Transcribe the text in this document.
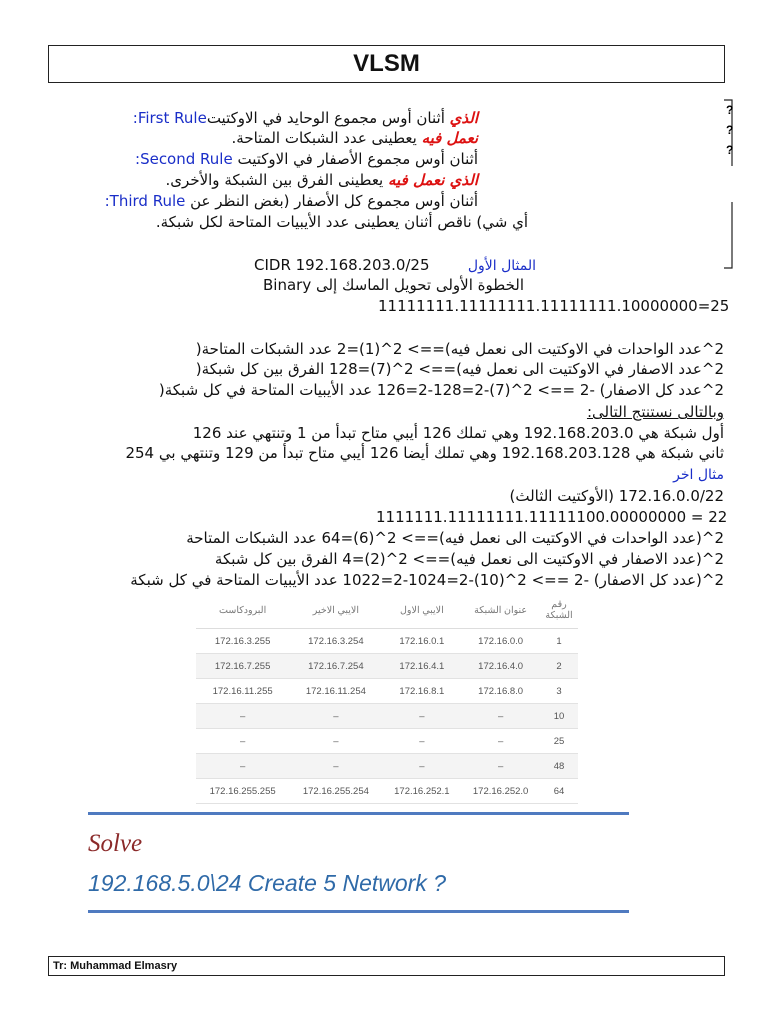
VLSM
?
?
?
الذي أثنان أوس مجموع الوحايد في الاوكتيتFirst Rule:
نعمل فيه يعطينى عدد الشبكات المتاحة.
أثنان أوس مجموع الأصفار في الاوكتيت Second Rule:
الذي نعمل فيه يعطينى الفرق بين الشبكة والأخرى.
أثنان أوس مجموع كل الأصفار (بغض النظر عن Third Rule:
أي شي) ناقص أثنان يعطينى عدد الأيبيات المتاحة لكل شبكة.
المثال الأول
CIDR 192.168.203.0/25
الخطوة الأولى تحويل الماسك إلى Binary
11111111.11111111.11111111.10000000=25
2^عدد الواحدات في الاوكتيت الى نعمل فيه)==> 2^(1)=2 عدد الشبكات المتاحة(
2^عدد الاصفار في الاوكتيت الى نعمل فيه)==> 2^(7)=128 الفرق بين كل شبكة(
2^عدد كل الاصفار) -2 ==> 2^(7)-2=128-2=126 عدد الأيبيات المتاحة في كل شبكة(
وبالتالى نستنتج التالى:
أول شبكة هي 192.168.203.0 وهي تملك 126 أيبي متاح تبدأ من 1 وتنتهي عند 126
ثاني شبكة هي 192.168.203.128 وهي تملك أيضا 126 أيبي متاح تبدأ من 129 وتنتهي بي 254
مثال اخر
172.16.0.0/22 (الأوكتيت الثالث)
1111111.11111111.11111100.00000000 = 22
2^(عدد الواحدات في الاوكتيت الى نعمل فيه)==> 2^(6)=64 عدد الشبكات المتاحة
2^(عدد الاصفار في الاوكتيت الى نعمل فيه)==> 2^(2)=4 الفرق بين كل شبكة
2^(عدد كل الاصفار) -2 ==> 2^(10)-2=1024-2=1022 عدد الأيبيات المتاحة في كل شبكة
رقم الشبكة	عنوان الشبكة	الايبي الاول	الايبي الاخير	البرودكاست
1	172.16.0.0	172.16.0.1	172.16.3.254	172.16.3.255
2	172.16.4.0	172.16.4.1	172.16.7.254	172.16.7.255
3	172.16.8.0	172.16.8.1	172.16.11.254	172.16.11.255
10	–	–	–	–
25	–	–	–	–
48	–	–	–	–
64	172.16.252.0	172.16.252.1	172.16.255.254	172.16.255.255
Solve
192.168.5.0\24 Create 5 Network ?
Tr: Muhammad Elmasry
